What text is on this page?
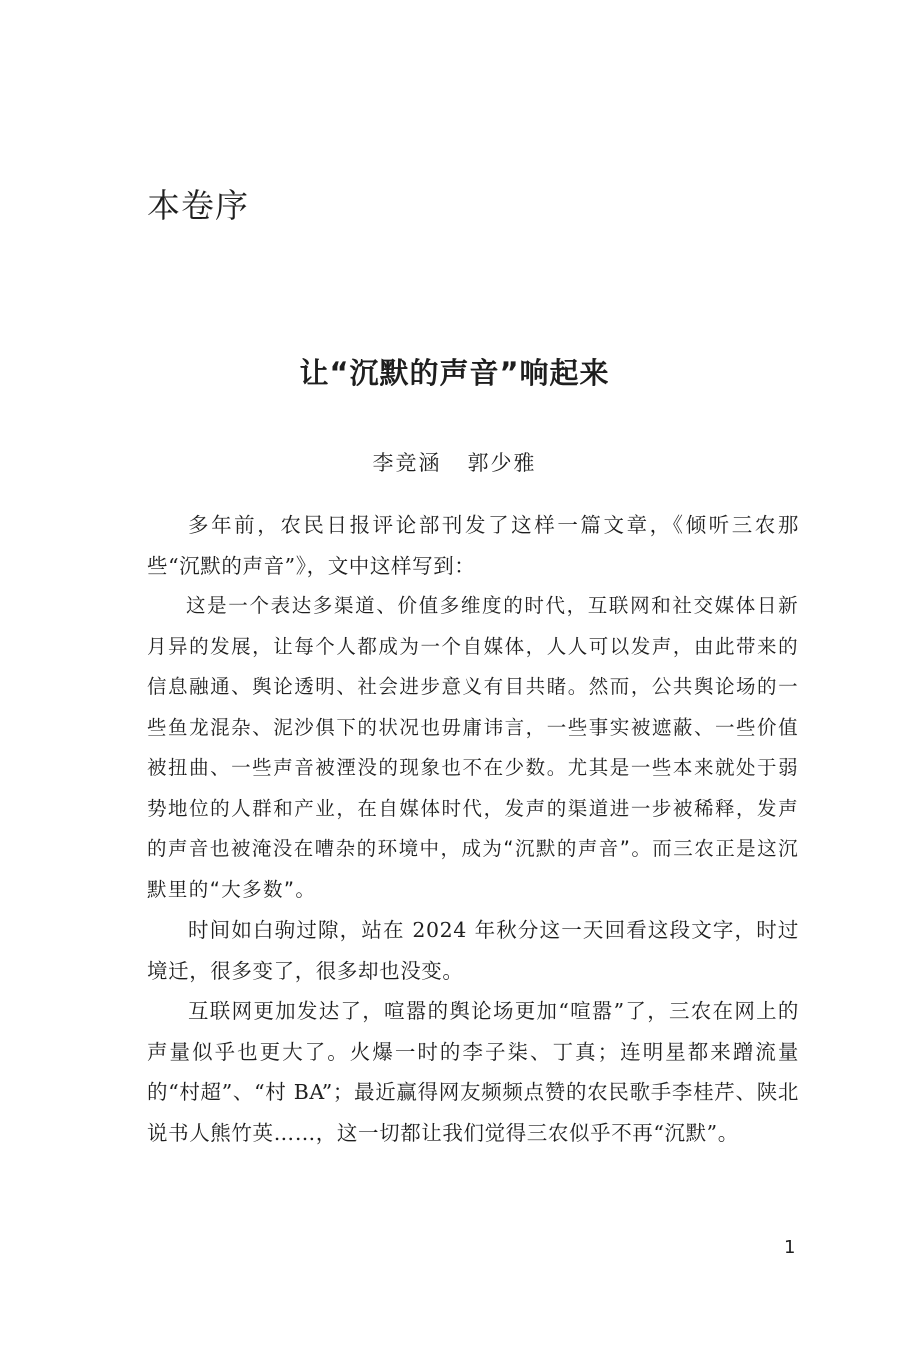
本卷序
让“沉默的声音”响起来
李竞涵 郭少雅

多年前，农民日报评论部刊发了这样一篇文章，《倾听三农那些“沉默的声音”》，文中这样写到：

这是一个表达多渠道、价值多维度的时代，互联网和社交媒体日新月异的发展，让每个人都成为一个自媒体，人人可以发声，由此带来的信息融通、舆论透明、社会进步意义有目共睹。然而，公共舆论场的一些鱼龙混杂、泥沙俱下的状况也毋庸讳言，一些事实被遮蔽、一些价值被扭曲、一些声音被湮没的现象也不在少数。尤其是一些本来就处于弱势地位的人群和产业，在自媒体时代，发声的渠道进一步被稀释，发声的声音也被淹没在嘈杂的环境中，成为“沉默的声音”。而三农正是这沉默里的“大多数”。

时间如白驹过隙，站在 2024 年秋分这一天回看这段文字，时过境迁，很多变了，很多却也没变。

互联网更加发达了，喧嚣的舆论场更加“喧嚣”了，三农在网上的声量似乎也更大了。火爆一时的李子柒、丁真；连明星都来蹭流量的“村超”、“村 BA”；最近赢得网友频频点赞的农民歌手李桂芹、陕北说书人熊竹英……，这一切都让我们觉得三农似乎不再“沉默”。

1
